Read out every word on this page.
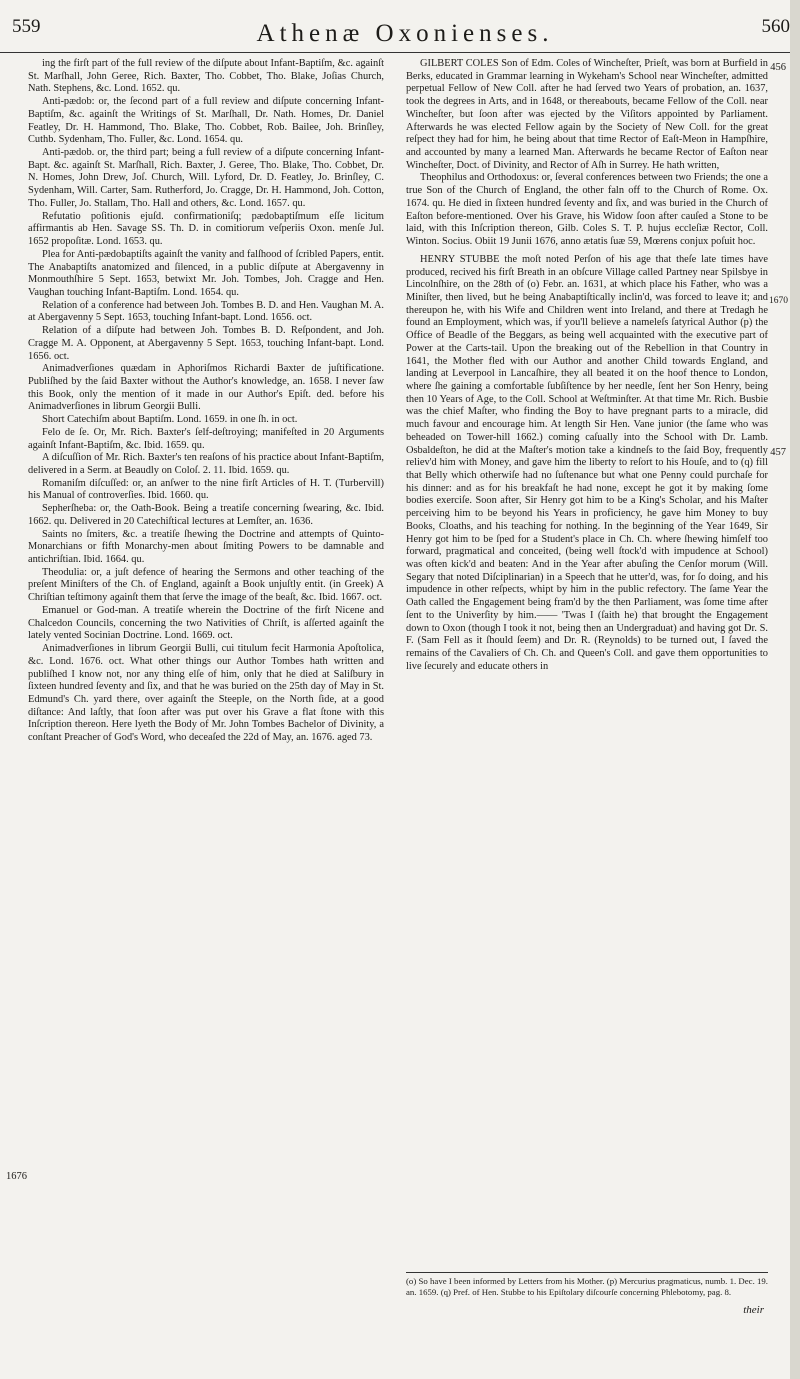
559	Athenæ Oxonienses.	560

ing the firſt part of the full review of the diſpute about Infant-Baptiſm, &c. againſt St. Marſhall, John Geree, Rich. Baxter, Tho. Cobbet, Tho. Blake, Joſias Church, Nath. Stephens, &c. Lond. 1652. qu.

Anti-pædob: or, the ſecond part of a full review and diſpute concerning Infant-Baptiſm, &c. againſt the Writings of St. Marſhall, Dr. Nath. Homes, Dr. Daniel Featley, Dr. H. Hammond, Tho. Blake, Tho. Cobbet, Rob. Bailee, Joh. Brinſley, Cuthb. Sydenham, Tho. Fuller, &c. Lond. 1654. qu.

Anti-pædob. or, the third part; being a full review of a diſpute concerning Infant-Bapt. &c. againſt St. Marſhall, Rich. Baxter, J. Geree, Tho. Blake, Tho. Cobbet, Dr. N. Homes, John Drew, Joſ. Church, Will. Lyford, Dr. D. Featley, Jo. Brinſley, C. Sydenham, Will. Carter, Sam. Rutherford, Jo. Cragge, Dr. H. Hammond, Joh. Cotton, Tho. Fuller, Jo. Stallam, Tho. Hall and others, &c. Lond. 1657. qu.

Refutatio poſitionis ejuſd. confirmationiſq; pædobaptiſmum eſſe licitum affirmantis ab Hen. Savage SS. Th. D. in comitiorum veſperiis Oxon. menſe Jul. 1652 propoſitæ. Lond. 1653. qu.

Plea for Anti-pædobaptiſts againſt the vanity and falſhood of ſcribled Papers, entit. The Anabaptiſts anatomized and ſilenced, in a public diſpute at Abergavenny in Monmouthſhire 5 Sept. 1653, betwixt Mr. Joh. Tombes, Joh. Cragge and Hen. Vaughan touching Infant-Baptiſm. Lond. 1654. qu.

Relation of a conference had between Joh. Tombes B. D. and Hen. Vaughan M. A. at Abergavenny 5 Sept. 1653, touching Infant-bapt. Lond. 1656. oct.

Relation of a diſpute had between Joh. Tombes B. D. Reſpondent, and Joh. Cragge M. A. Opponent, at Abergavenny 5 Sept. 1653, touching Infant-bapt. Lond. 1656. oct.

Animadverſiones quædam in Aphoriſmos Richardi Baxter de juſtificatione. Publiſhed by the ſaid Baxter without the Author's knowledge, an. 1658. I never ſaw this Book, only the mention of it made in our Author's Epiſt. ded. before his Animadverſiones in librum Georgii Bulli.

Short Catechiſm about Baptiſm. Lond. 1659. in one ſh. in oct.

Felo de ſe. Or, Mr. Rich. Baxter's ſelf-deſtroying; manifeſted in 20 Arguments againſt Infant-Baptiſm, &c. Ibid. 1659. qu.

A diſcuſſion of Mr. Rich. Baxter's ten reaſons of his practice about Infant-Baptiſm, delivered in a Serm. at Beaudly on Coloſ. 2. 11. Ibid. 1659. qu.

Romaniſm diſcuſſed: or, an anſwer to the nine firſt Articles of H. T. (Turbervill) his Manual of controverſies. Ibid. 1660. qu.

Sepherſheba: or, the Oath-Book. Being a treatiſe concerning ſwearing, &c. Ibid. 1662. qu. Delivered in 20 Catechiſtical lectures at Lemſter, an. 1636.

Saints no ſmiters, &c. a treatiſe ſhewing the Doctrine and attempts of Quinto-Monarchians or fifth Monarchy-men about ſmiting Powers to be damnable and antichriſtian. Ibid. 1664. qu.

Theodulia: or, a juſt defence of hearing the Sermons and other teaching of the preſent Miniſters of the Ch. of England, againſt a Book unjuſtly entit. (in Greek) A Chriſtian teſtimony againſt them that ſerve the image of the beaſt, &c. Ibid. 1667. oct.

Emanuel or God-man. A treatiſe wherein the Doctrine of the firſt Nicene and Chalcedon Councils, concerning the two Nativities of Chriſt, is aſſerted againſt the lately vented Socinian Doctrine. Lond. 1669. oct.

Animadverſiones in librum Georgii Bulli, cui titulum fecit Harmonia Apoſtolica, &c. Lond. 1676. oct. What other things our Author Tombes hath written and publiſhed I know not, nor any thing elſe of him, only that he died at Saliſbury in ſixteen hundred ſeventy and ſix, and that he was buried on the 25th day of May in St. Edmund's Ch. yard there, over againſt the Steeple, on the North ſide, at a good diſtance: And laſtly, that ſoon after was put over his Grave a flat ſtone with this Inſcription thereon. Here lyeth the Body of Mr. John Tombes Bachelor of Divinity, a conſtant Preacher of God's Word, who deceaſed the 22d of May, an. 1676. aged 73.

1676
456
1670
457

GILBERT COLES Son of Edm. Coles of Wincheſter, Prieſt, was born at Burfield in Berks, educated in Grammar learning in Wykeham's School near Wincheſter, admitted perpetual Fellow of New Coll. after he had ſerved two Years of probation, an. 1637, took the degrees in Arts, and in 1648, or thereabouts, became Fellow of the Coll. near Wincheſter, but ſoon after was ejected by the Viſitors appointed by Parliament. Afterwards he was elected Fellow again by the Society of New Coll. for the great reſpect they had for him, he being about that time Rector of Eaſt-Meon in Hampſhire, and accounted by many a learned Man. Afterwards he became Rector of Eaſton near Wincheſter, Doct. of Divinity, and Rector of Aſh in Surrey. He hath written,

Theophilus and Orthodoxus: or, ſeveral conferences between two Friends; the one a true Son of the Church of England, the other faln off to the Church of Rome. Ox. 1674. qu. He died in ſixteen hundred ſeventy and ſix, and was buried in the Church of Eaſton before-mentioned. Over his Grave, his Widow ſoon after cauſed a Stone to be laid, with this Inſcription thereon, Gilb. Coles S. T. P. hujus eccleſiæ Rector, Coll. Winton. Socius. Obiit 19 Junii 1676, anno ætatis ſuæ 59, Mœrens conjux poſuit hoc.

HENRY STUBBE the moſt noted Perſon of his age that theſe late times have produced, recived his firſt Breath in an obſcure Village called Partney near Spilsbye in Lincolnſhire, on the 28th of (o) Febr. an. 1631, at which place his Father, who was a Miniſter, then lived, but he being Anabaptiſtically inclin'd, was forced to leave it; and thereupon he, with his Wife and Children went into Ireland, and there at Tredagh he found an Employment, which was, if you'll believe a nameleſs ſatyrical Author (p) the Office of Beadle of the Beggars, as being well acquainted with the executive part of Power at the Carts-tail. Upon the breaking out of the Rebellion in that Country in 1641, the Mother fled with our Author and another Child towards England, and landing at Leverpool in Lancaſhire, they all beated it on the hoof thence to London, where ſhe gaining a comfortable ſubſiſtence by her needle, ſent her Son Henry, being then 10 Years of Age, to the Coll. School at Weſtminſter. At that time Mr. Rich. Busbie was the chief Maſter, who finding the Boy to have pregnant parts to a miracle, did much favour and encourage him. At length Sir Hen. Vane junior (the ſame who was beheaded on Tower-hill 1662.) coming caſually into the School with Dr. Lamb. Osbaldeſton, he did at the Maſter's motion take a kindneſs to the ſaid Boy, frequently reliev'd him with Money, and gave him the liberty to reſort to his Houſe, and to (q) fill that Belly which otherwiſe had no ſuſtenance but what one Penny could purchaſe for his dinner: and as for his breakfaſt he had none, except he got it by making ſome bodies exerciſe. Soon after, Sir Henry got him to be a King's Scholar, and his Maſter perceiving him to be beyond his Years in proficiency, he gave him Money to buy Books, Cloaths, and his teaching for nothing. In the beginning of the Year 1649, Sir Henry got him to be ſped for a Student's place in Ch. Ch. where ſhewing himſelf too forward, pragmatical and conceited, (being well ſtock'd with impudence at School) was often kick'd and beaten: And in the Year after abuſing the Cenſor morum (Will. Segary that noted Diſciplinarian) in a Speech that he utter'd, was, for ſo doing, and his impudence in other reſpects, whipt by him in the public refectory. The ſame Year the Oath called the Engagement being fram'd by the then Parliament, was ſome time after ſent to the Univerſity by him.—— 'Twas I (ſaith he) that brought the Engagement down to Oxon (though I took it not, being then an Undergraduat) and having got Dr. S. F. (Sam Fell as it ſhould ſeem) and Dr. R. (Reynolds) to be turned out, I ſaved the remains of the Cavaliers of Ch. Ch. and Queen's Coll. and gave them opportunities to live ſecurely and educate others in

(o) So have I been informed by Letters from his Mother. (p) Mercurius pragmaticus, numb. 1. Dec. 19. an. 1659. (q) Pref. of Hen. Stubbe to his Epiſtolary diſcourſe concerning Phlebotomy, pag. 8.
their
